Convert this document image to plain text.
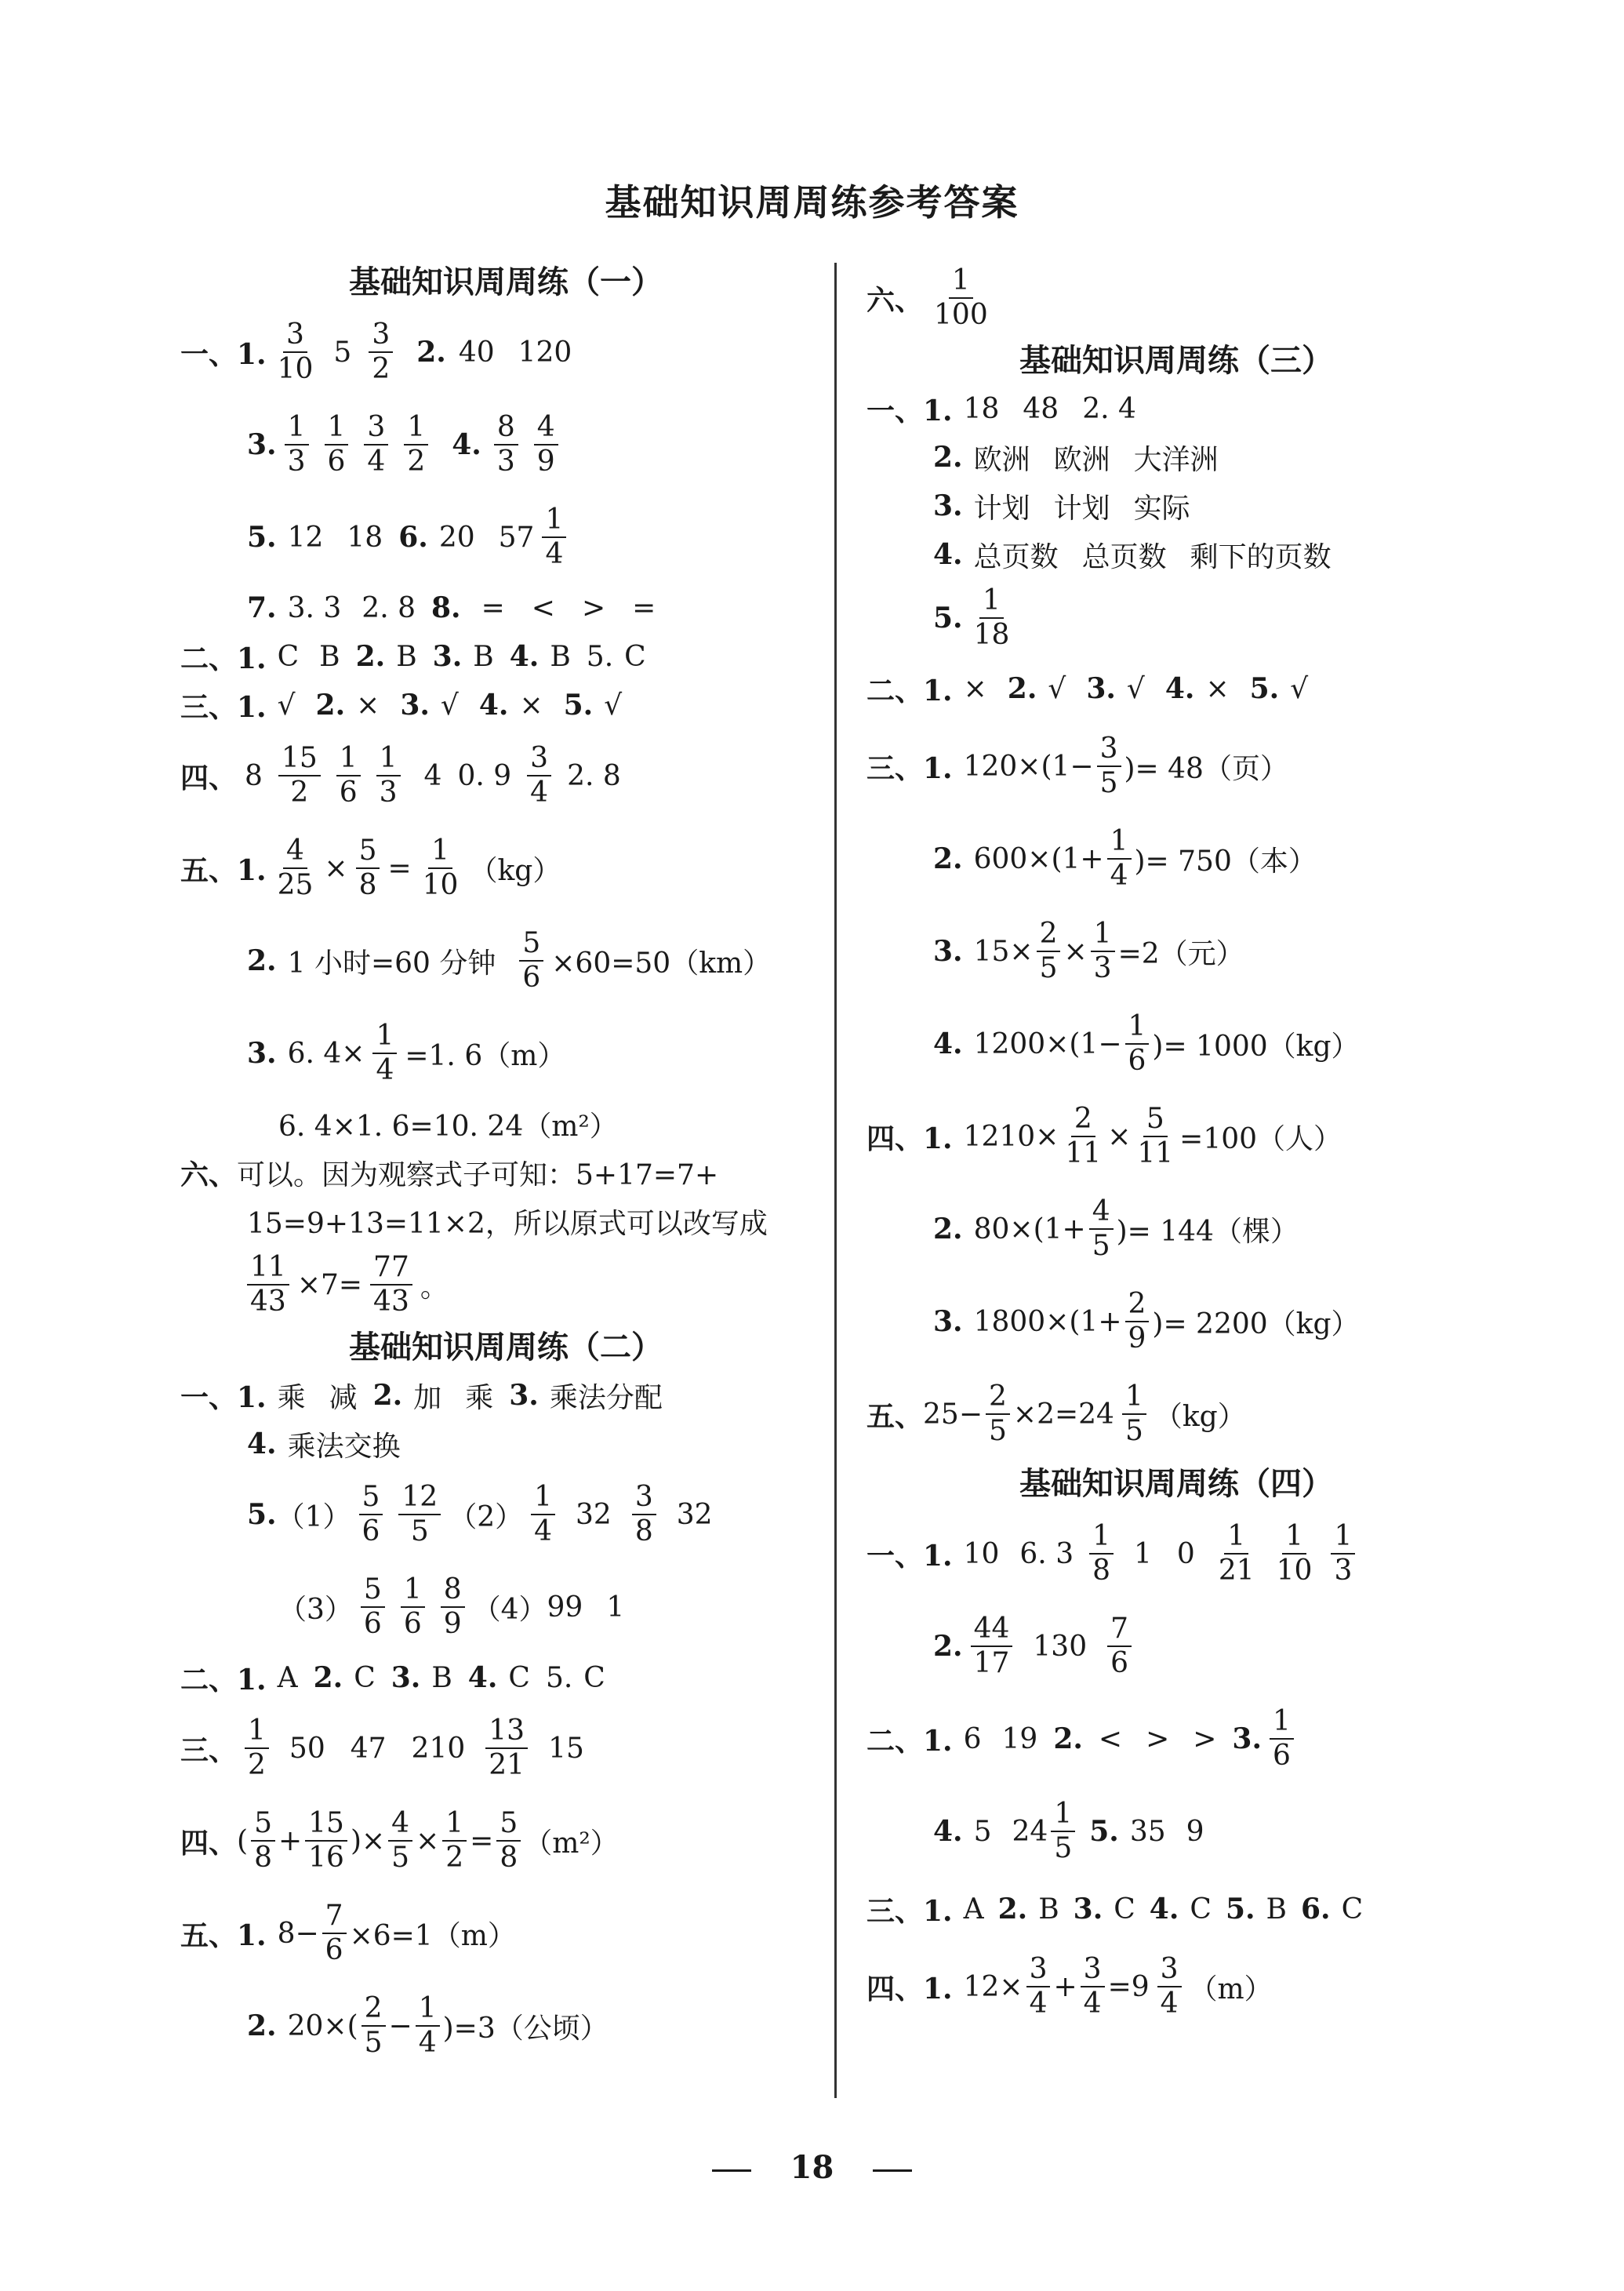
基础知识周周练参考答案
基础知识周周练（一）
一、1. $\frac{3}{10} 5 \frac{3}{2} 2$. 40 120
3. $\frac{1}{3} \frac{1}{6} \frac{3}{4} \frac{1}{2} 4$. $\frac{8}{3} \frac{4}{9}$
5. 12 18 6. 20 $57 \frac{1}{4}$
7. 3. 3 2. 8 8. = < > =
二、1. C B 2. B 3. B 4. B 5. C
三、1. √ 2. × 3. √ 4. × 5. √
四、 $8 \frac{15}{2} \frac{1}{6} \frac{1}{3} 4$ 0. $9 \frac{3}{4} 2$. 8
五、1. $\frac{4}{25} \times \frac{5}{8} = \frac{1}{10} (kg)$
2. 1 小时=60 分钟 $\frac{5}{6} \times 60=50(km)$
3. 6. $4\times \frac{1}{4} =1$. 6（m）
6. 4×1. 6=10. 24（m²）
六、 可以。因为观察式子可知：5+17=7+
15=9+13=11×2，所以原式可以改写成
$\frac{11}{43} \times 7= \frac{77}{43}$ 。
基础知识周周练（二）
一、1. 乘 减 2. 加 乘 3. 乘法分配
4. 乘法交换
5. $(1) \frac{5}{6} \frac{12}{5} (2) \frac{1}{4} 32 \frac{3}{8} 32$
$(3) \frac{5}{6} \frac{1}{6} \frac{8}{9} (4)$ 99 1
二、1. A 2. C 3. B 4. C 5. C
三、 $\frac{1}{2} 50$ 47 $210 \frac{13}{21} 15$
四、 ( $\frac{5}{8} + \frac{15}{16}$ )× $\frac{4}{5} \times \frac{1}{2} = \frac{5}{8} (m^2)$
五、1. $8- \frac{7}{6} \times 6=1(m)$
2. $20\times( \frac{2}{5} - \frac{1}{4} )=3$（公顷）
六、 $\frac{1}{100}$
基础知识周周练（三）
一、1. 18 48 2. 4
2. 欧洲 欧洲 大洋洲
3. 计划 计划 实际
4. 总页数 总页数 剩下的页数
5. $\frac{1}{18}$
二、1. × 2. √ 3. √ 4. × 5. √
三、1. $120\times(1- \frac{3}{5}$ )= 48（页）
2. $600\times(1+ \frac{1}{4}$ )= 750（本）
3. $15\times \frac{2}{5} \times \frac{1}{3} =2$（元）
4. $1200\times(1- \frac{1}{6}$ )= 1000（kg）
四、1. $1210\times \frac{2}{11} \times \frac{5}{11} =100$（人）
2. $80\times(1+ \frac{4}{5}$ )= 144（棵）
3. $1800\times(1+ \frac{2}{9}$ )= 2200（kg）
五、 $25- \frac{2}{5} \times 2=24 \frac{1}{5} (kg)$
基础知识周周练（四）
一、1. 10 6. $3 \frac{1}{8} 1$ $0 \frac{1}{21} \frac{1}{10} \frac{1}{3}$
2. $\frac{44}{17} 130 \frac{7}{6}$
二、1. 6 19 2. < > > 3. $\frac{1}{6}$
4. 5 $24 \frac{1}{5} 5$. 35 9
三、1. A 2. B 3. C 4. C 5. B 6. C
四、1. $12\times \frac{3}{4} + \frac{3}{4} =9 \frac{3}{4} (m)$
18
